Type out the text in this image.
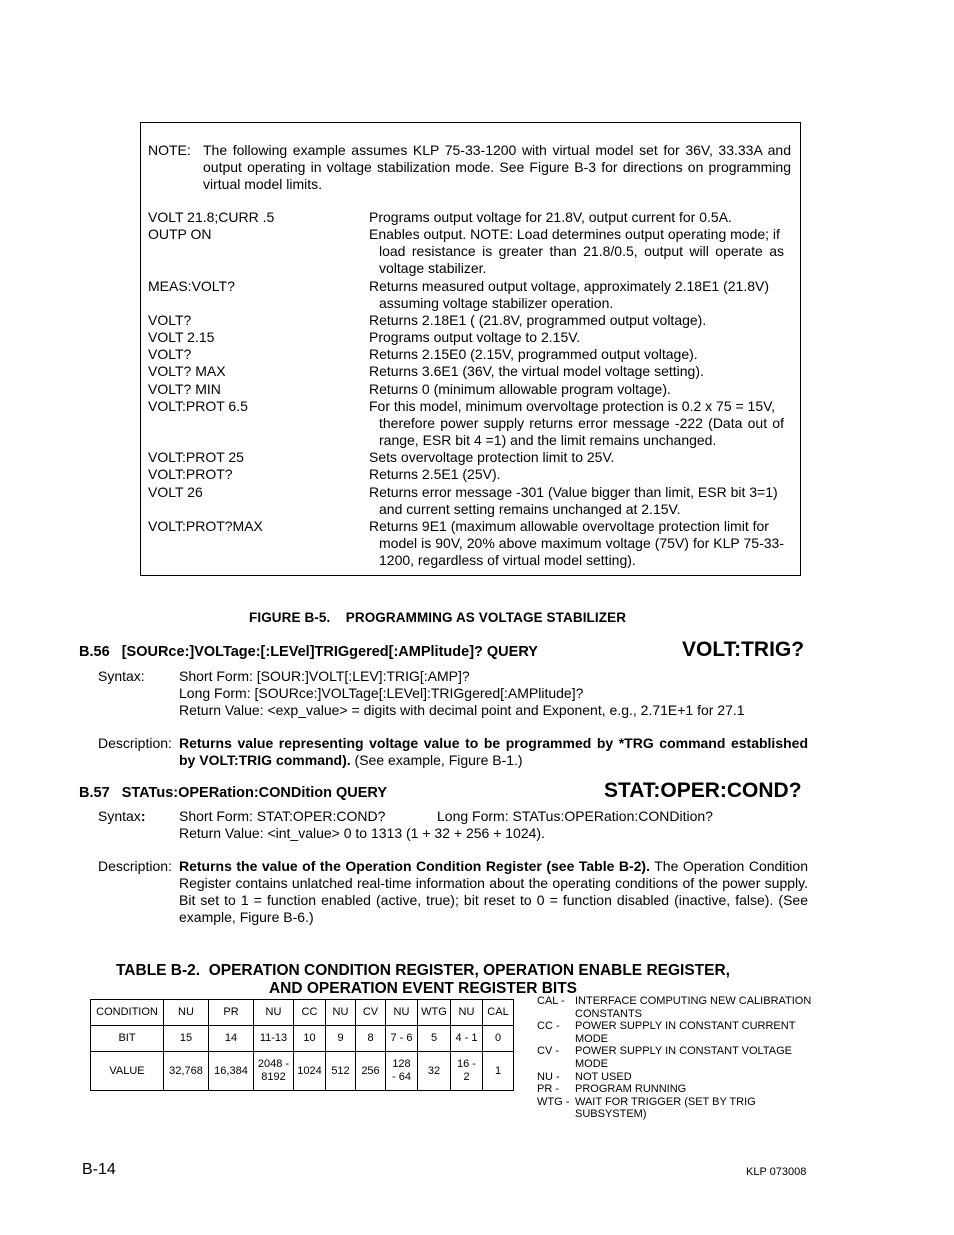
NOTE: The following example assumes KLP 75-33-1200 with virtual model set for 36V, 33.33A and output operating in voltage stabilization mode. See Figure B-3 for directions on programming virtual model limits.
VOLT 21.8;CURR .5	Programs output voltage for 21.8V, output current for 0.5A.
OUTP ON	Enables output. NOTE: Load determines output operating mode; if
load resistance is greater than 21.8/0.5, output will operate as voltage stabilizer.
MEAS:VOLT?	Returns measured output voltage, approximately 2.18E1 (21.8V)
assuming voltage stabilizer operation.
VOLT?	Returns 2.18E1 ( (21.8V, programmed output voltage).
VOLT 2.15	Programs output voltage to 2.15V.
VOLT?	Returns 2.15E0 (2.15V, programmed output voltage).
VOLT? MAX	Returns 3.6E1 (36V, the virtual model voltage setting).
VOLT? MIN	Returns 0 (minimum allowable program voltage).
VOLT:PROT 6.5	For this model, minimum overvoltage protection is 0.2 x 75 = 15V,
therefore power supply returns error message -222 (Data out of range, ESR bit 4 =1) and the limit remains unchanged.
VOLT:PROT 25	Sets overvoltage protection limit to 25V.
VOLT:PROT?	Returns 2.5E1 (25V).
VOLT 26	Returns error message -301 (Value bigger than limit, ESR bit 3=1)
and current setting remains unchanged at 2.15V.
VOLT:PROT?MAX	Returns 9E1 (maximum allowable overvoltage protection limit for
model is 90V, 20% above maximum voltage (75V) for KLP 75-33-1200, regardless of virtual model setting).
FIGURE B-5.    PROGRAMMING AS VOLTAGE STABILIZER
B.56   [SOURce:]VOLTage:[:LEVel]TRIGgered[:AMPlitude]? QUERY	VOLT:TRIG?
Syntax: Short Form: [SOUR:]VOLT[:LEV]:TRIG[:AMP]?
Long Form: [SOURce:]VOLTage[:LEVel]:TRIGgered[:AMPlitude]?
Return Value: <exp_value> = digits with decimal point and Exponent, e.g., 2.71E+1 for 27.1
Description: Returns value representing voltage value to be programmed by *TRG command established by VOLT:TRIG command). (See example, Figure B-1.)
B.57   STATus:OPERation:CONDition QUERY	STAT:OPER:COND?
Syntax: Short Form: STAT:OPER:COND?	Long Form: STATus:OPERation:CONDition?
Return Value: <int_value> 0 to 1313 (1 + 32 + 256 + 1024).
Description: Returns the value of the Operation Condition Register (see Table B-2). The Operation Condition Register contains unlatched real-time information about the operating conditions of the power supply. Bit set to 1 = function enabled (active, true); bit reset to 0 = function disabled (inactive, false). (See example, Figure B-6.)
TABLE B-2.  OPERATION CONDITION REGISTER, OPERATION ENABLE REGISTER,
AND OPERATION EVENT REGISTER BITS
CONDITION	NU	PR	NU	CC	NU	CV	NU	WTG	NU	CAL
BIT	15	14	11-13	10	9	8	7 - 6	5	4 - 1	0
VALUE	32,768	16,384	2048 - 8192	1024	512	256	128 - 64	32	16 - 2	1
CAL - INTERFACE COMPUTING NEW CALIBRATION CONSTANTS
CC -	POWER SUPPLY IN CONSTANT CURRENT MODE
CV -	POWER SUPPLY IN CONSTANT VOLTAGE MODE
NU -	NOT USED
PR -	PROGRAM RUNNING
WTG - WAIT FOR TRIGGER (SET BY TRIG SUBSYSTEM)
B-14	KLP 073008
